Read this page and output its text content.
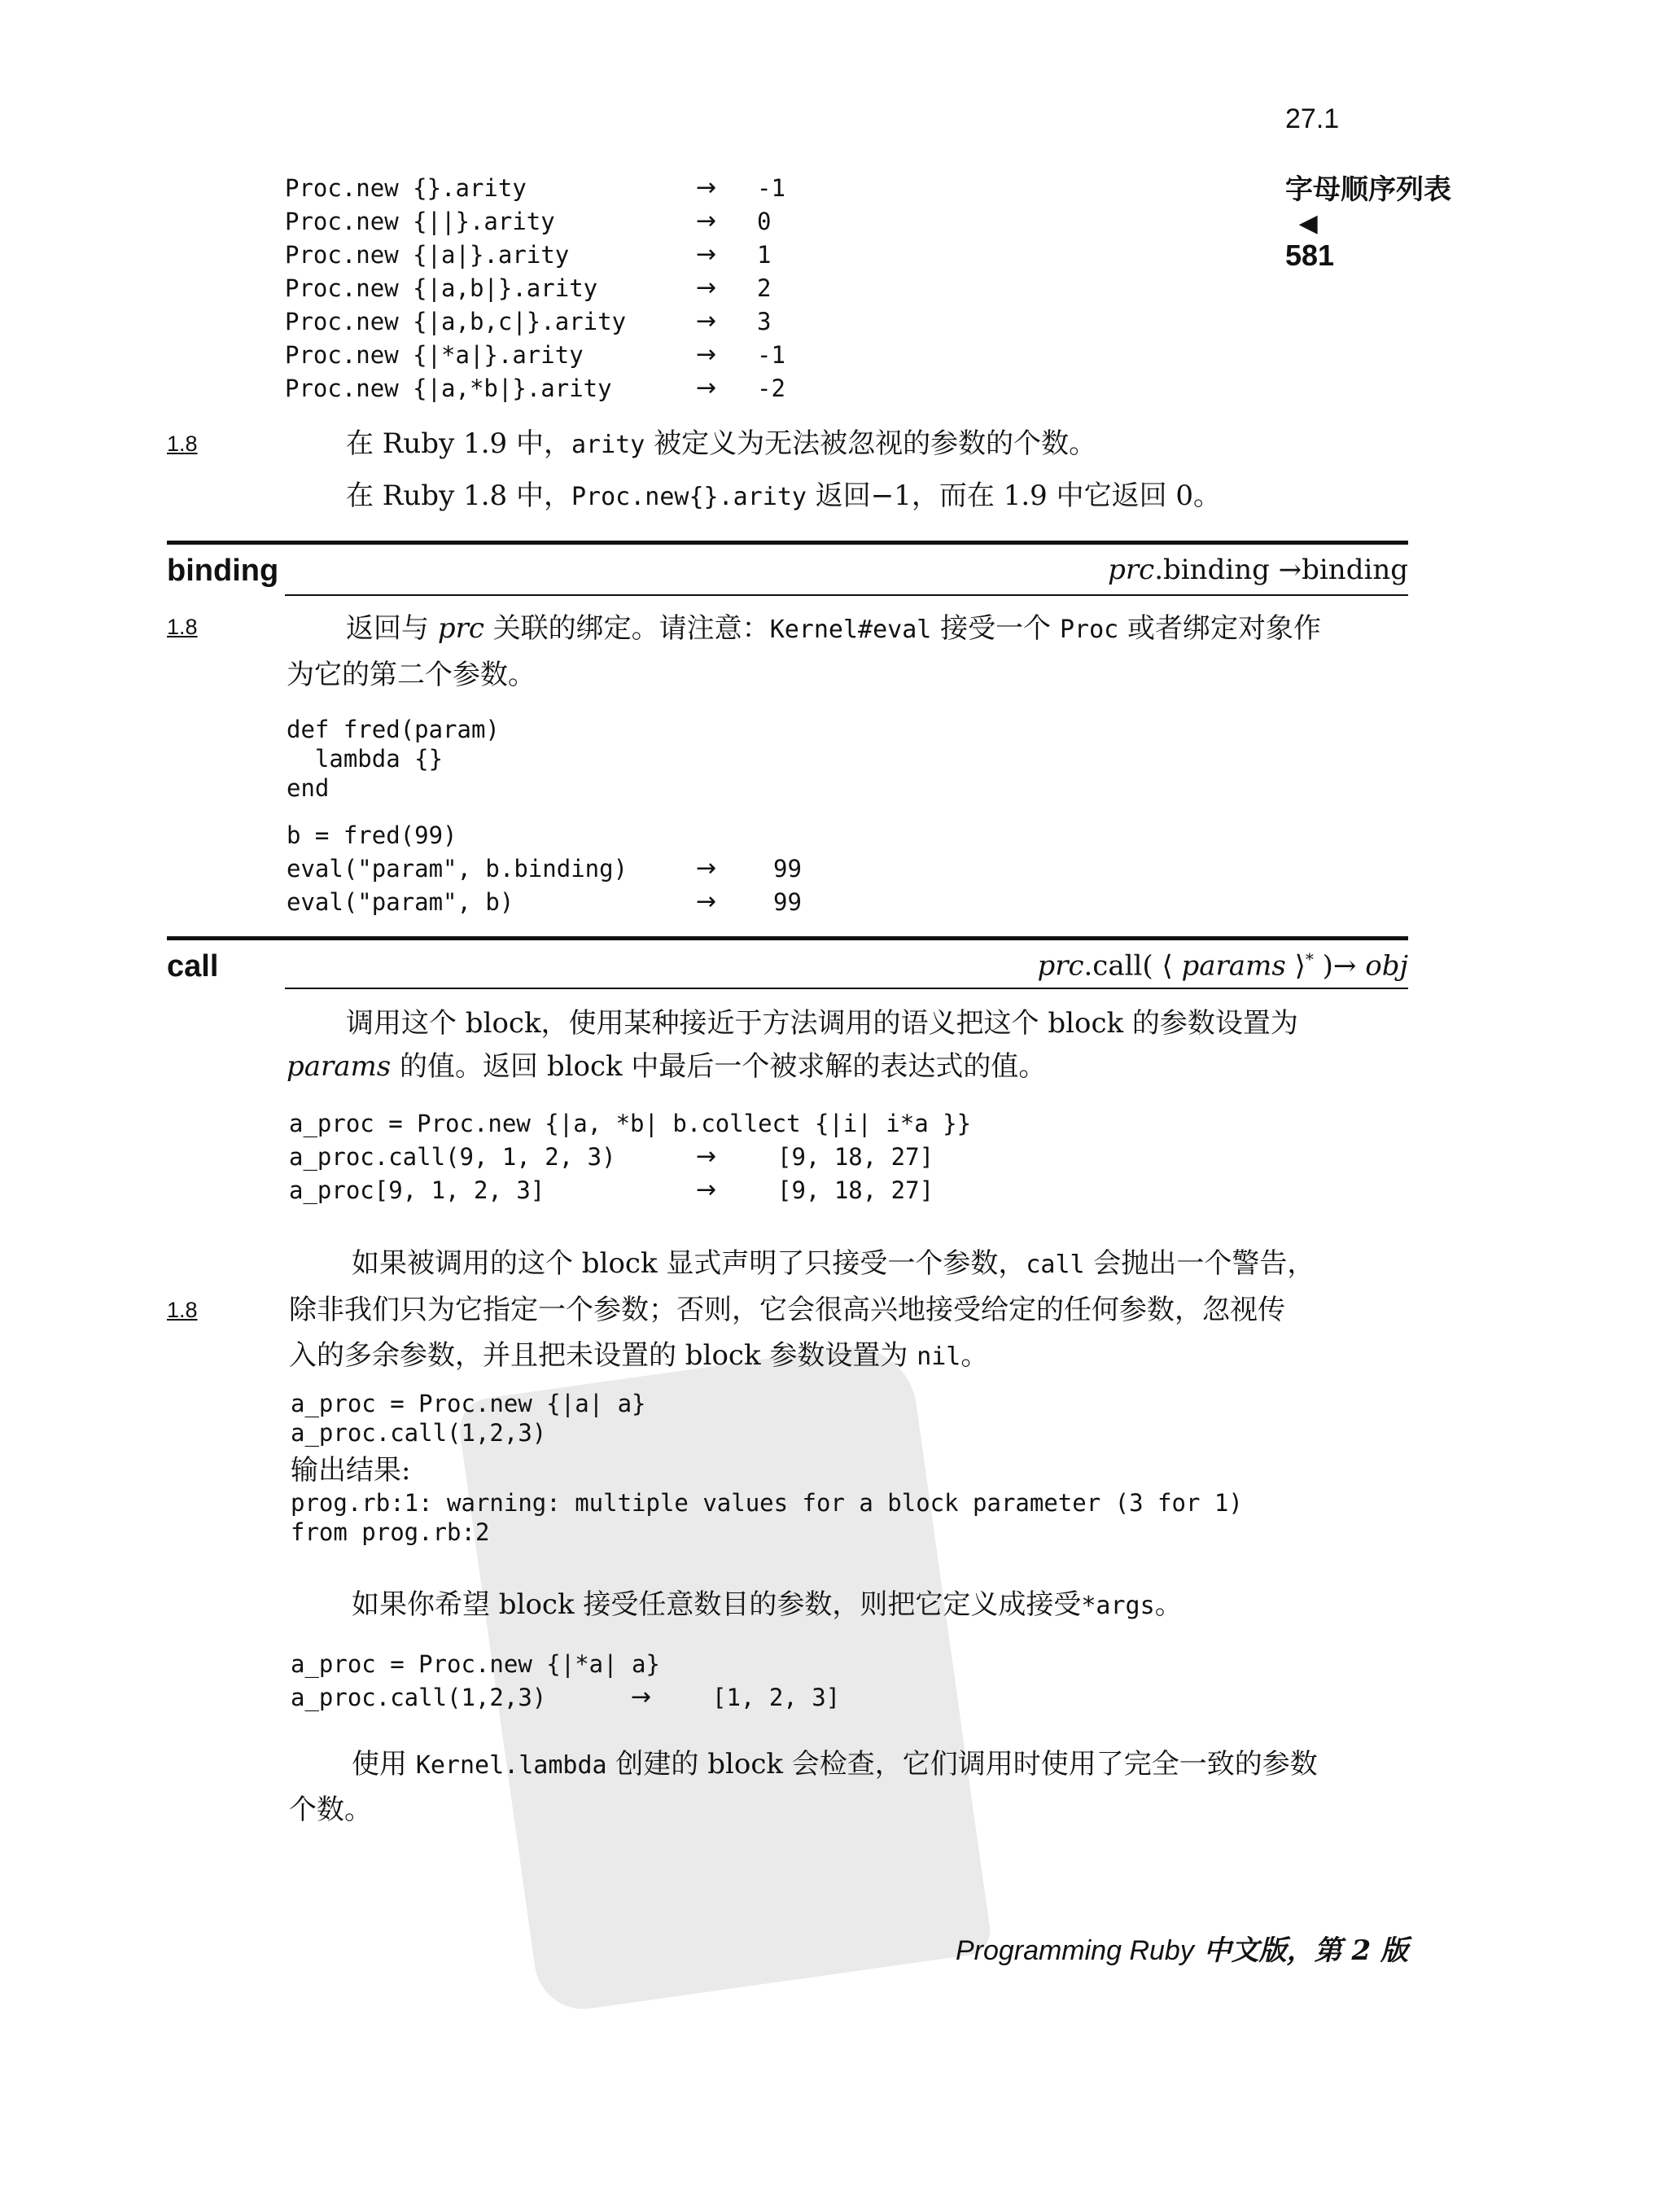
27.1

字母顺序列表
◀
581

Proc.new {}.arity	→ -1
Proc.new {||}.arity	→ 0
Proc.new {|a|}.arity	→ 1
Proc.new {|a,b|}.arity	→ 2
Proc.new {|a,b,c|}.arity	→ 3
Proc.new {|*a|}.arity	→ -1
Proc.new {|a,*b|}.arity	→ -2
1.8	在 Ruby 1.9 中，arity 被定义为无法被忽视的参数的个数。
在 Ruby 1.8 中，Proc.new{}.arity 返回−1，而在 1.9 中它返回 0。
binding	prc.binding →binding
1.8	返回与 prc 关联的绑定。请注意：Kernel#eval 接受一个 Proc 或者绑定对象作
为它的第二个参数。
def fred(param)
lambda {}
end
b = fred(99)
eval("param", b.binding)	→ 99
eval("param", b)	→ 99
call	prc.call( ⟨ params ⟩* )→ obj
调用这个 block，使用某种接近于方法调用的语义把这个 block 的参数设置为
params 的值。返回 block 中最后一个被求解的表达式的值。
a_proc = Proc.new {|a, *b| b.collect {|i| i*a }}
a_proc.call(9, 1, 2, 3)	→	[9, 18, 27]
a_proc[9, 1, 2, 3]	→	[9, 18, 27]
如果被调用的这个 block 显式声明了只接受一个参数，call 会抛出一个警告，
1.8	除非我们只为它指定一个参数；否则，它会很高兴地接受给定的任何参数，忽视传
入的多余参数，并且把未设置的 block 参数设置为 nil。
a_proc = Proc.new {|a| a}
a_proc.call(1,2,3)
输出结果:
prog.rb:1: warning: multiple values for a block parameter (3 for 1)
from prog.rb:2
如果你希望 block 接受任意数目的参数，则把它定义成接受*args。
a_proc = Proc.new {|*a| a}
a_proc.call(1,2,3)	→	[1, 2, 3]
使用 Kernel.lambda 创建的 block 会检查，它们调用时使用了完全一致的参数
个数。
Programming Ruby 中文版，第 2 版
